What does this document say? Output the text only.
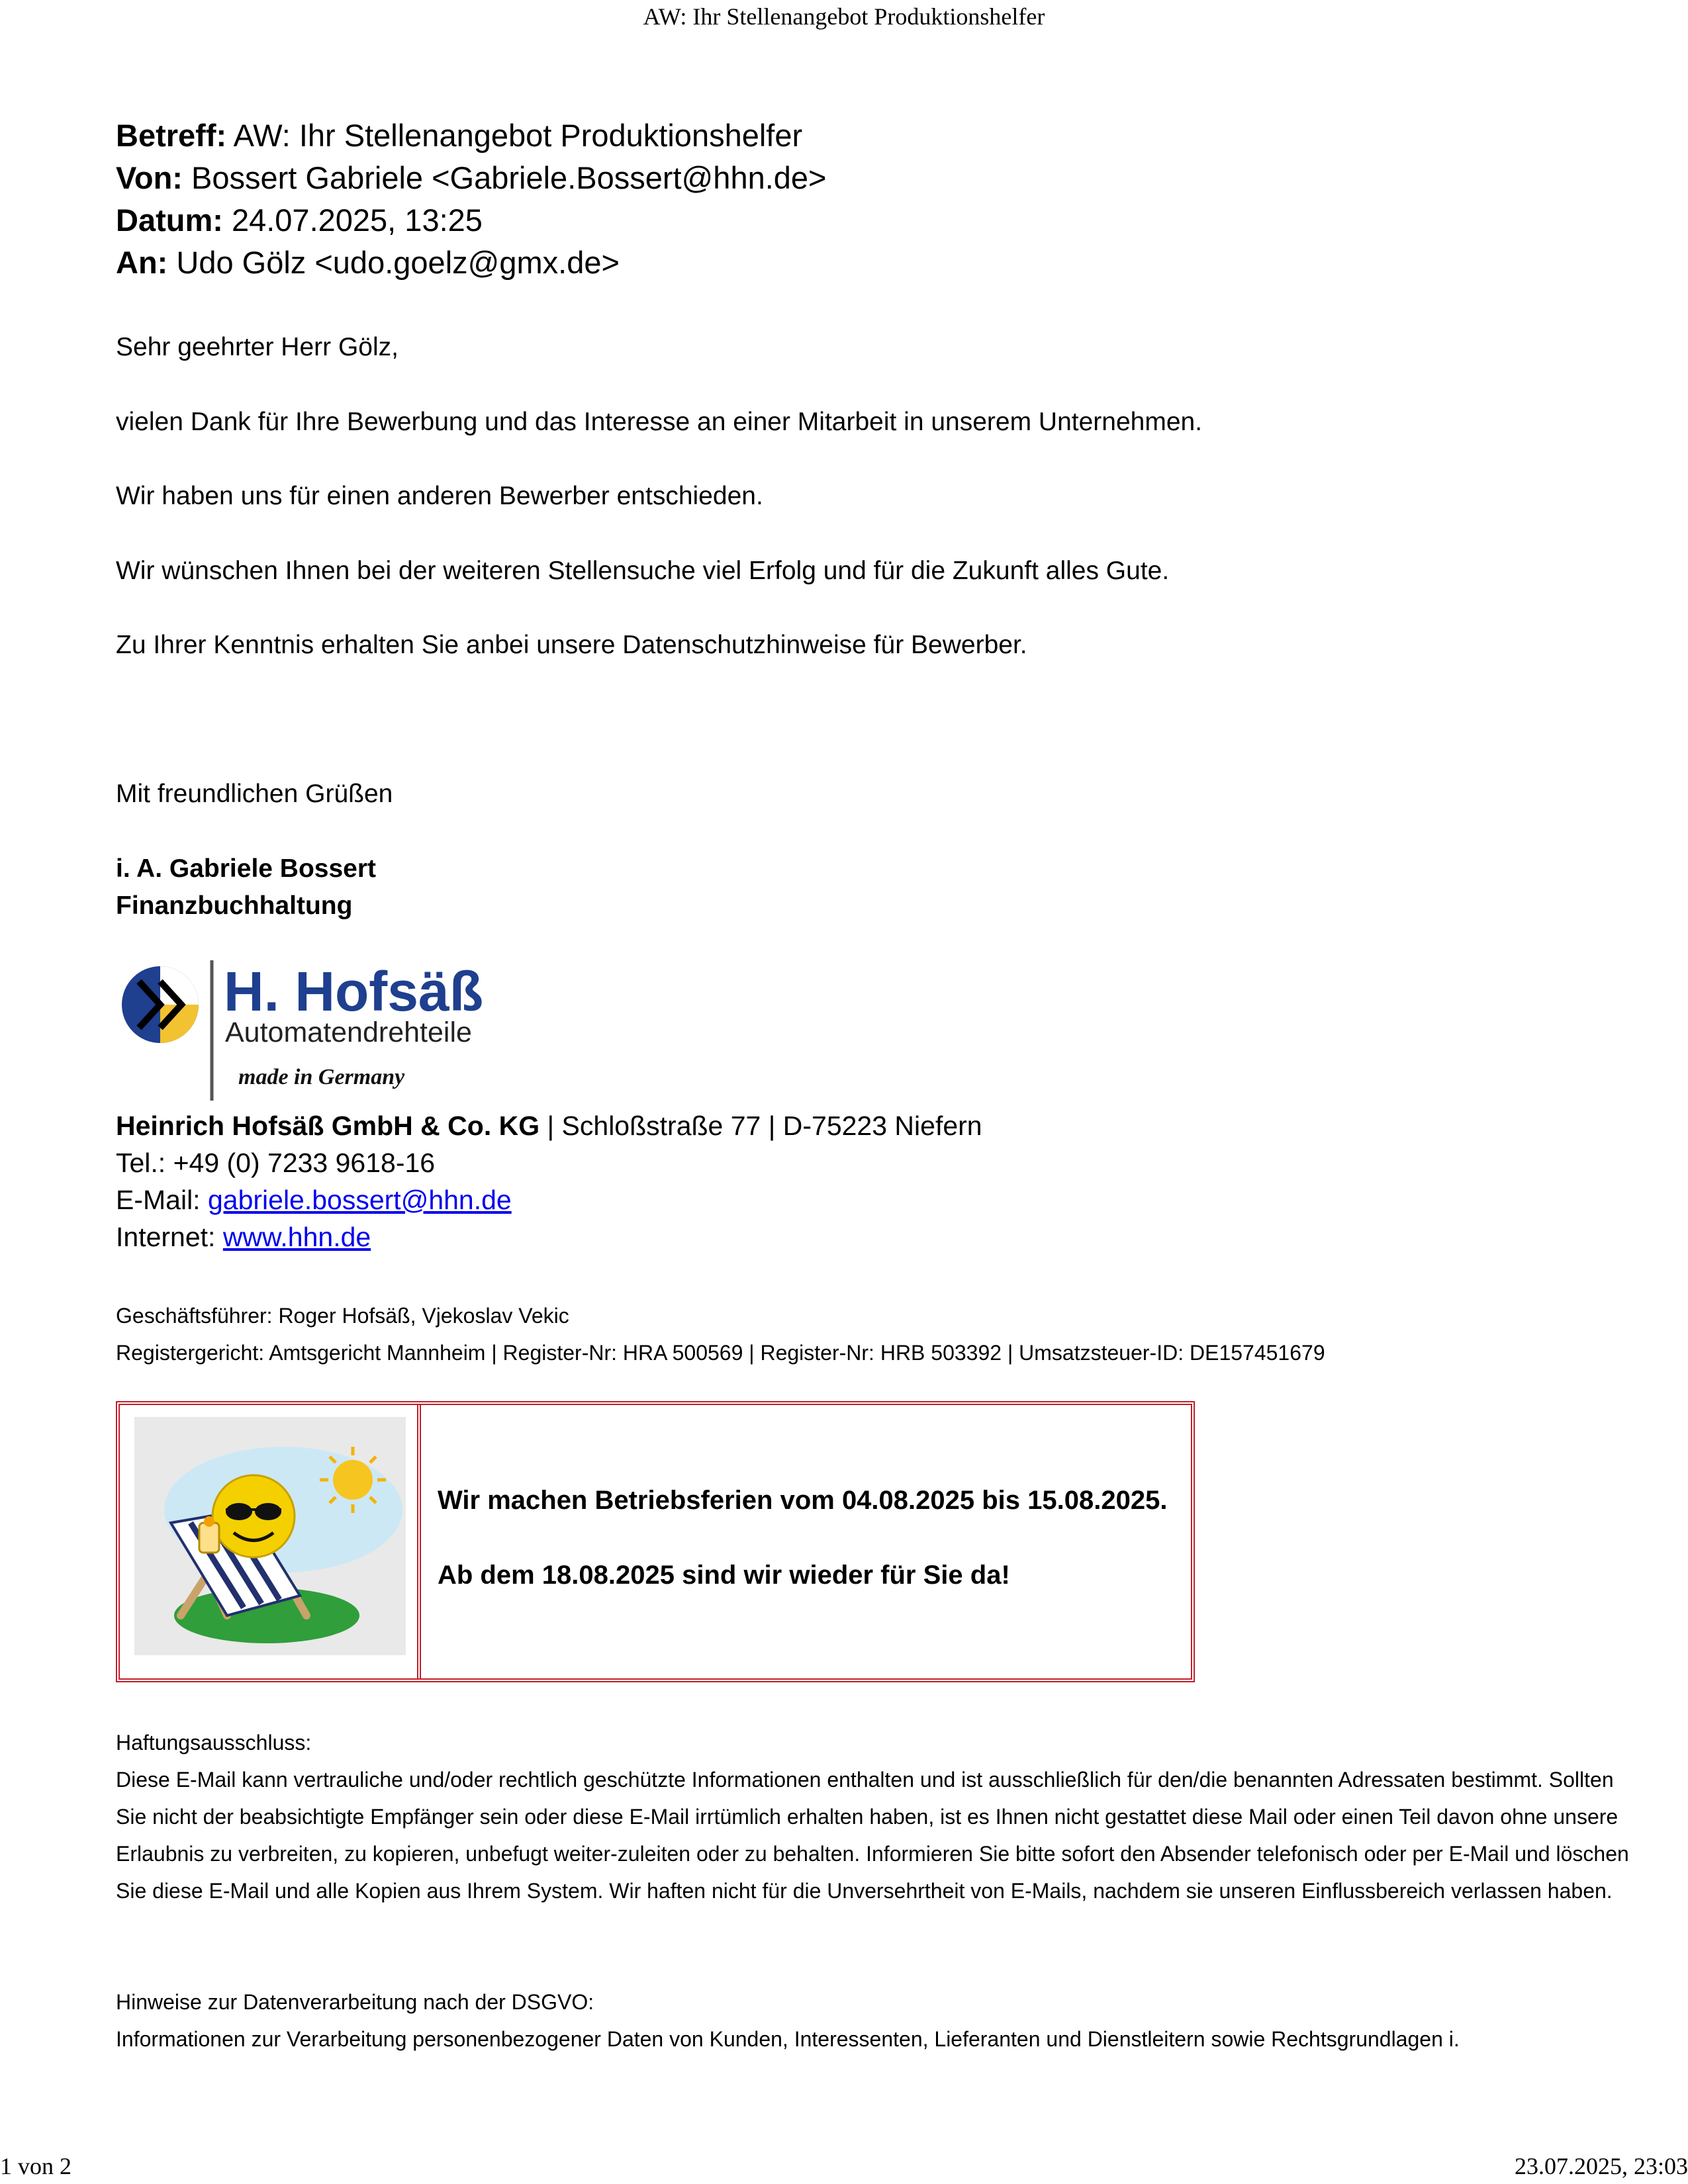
AW: Ihr Stellenangebot Produktionshelfer
Betreff: AW: Ihr Stellenangebot Produktionshelfer
Von: Bossert Gabriele <Gabriele.Bossert@hhn.de>
Datum: 24.07.2025, 13:25
An: Udo Gölz <udo.goelz@gmx.de>
Sehr geehrter Herr Gölz,
vielen Dank für Ihre Bewerbung und das Interesse an einer Mitarbeit in unserem Unternehmen.
Wir haben uns für einen anderen Bewerber entschieden.
Wir wünschen Ihnen bei der weiteren Stellensuche viel Erfolg und für die Zukunft alles Gute.
Zu Ihrer Kenntnis erhalten Sie anbei unsere Datenschutzhinweise für Bewerber.
Mit freundlichen Grüßen
i. A. Gabriele Bossert
Finanzbuchhaltung
H. Hofsäß
Automatendrehteile
made in Germany
Heinrich Hofsäß GmbH & Co. KG | Schloßstraße 77 | D-75223 Niefern
Tel.: +49 (0) 7233 9618-16
E-Mail: gabriele.bossert@hhn.de
Internet: www.hhn.de
Geschäftsführer: Roger Hofsäß, Vjekoslav Vekic
Registergericht: Amtsgericht Mannheim | Register-Nr: HRA 500569 | Register-Nr: HRB 503392 | Umsatzsteuer-ID: DE157451679
Wir machen Betriebsferien vom 04.08.2025 bis 15.08.2025.
Ab dem 18.08.2025 sind wir wieder für Sie da!
Haftungsausschluss:
Diese E-Mail kann vertrauliche und/oder rechtlich geschützte Informationen enthalten und ist ausschließlich für den/die benannten Adressaten bestimmt. Sollten Sie nicht der beabsichtigte Empfänger sein oder diese E-Mail irrtümlich erhalten haben, ist es Ihnen nicht gestattet diese Mail oder einen Teil davon ohne unsere Erlaubnis zu verbreiten, zu kopieren, unbefugt weiter-zuleiten oder zu behalten. Informieren Sie bitte sofort den Absender telefonisch oder per E-Mail und löschen Sie diese E-Mail und alle Kopien aus Ihrem System. Wir haften nicht für die Unversehrtheit von E-Mails, nachdem sie unseren Einflussbereich verlassen haben.
Hinweise zur Datenverarbeitung nach der DSGVO:
Informationen zur Verarbeitung personenbezogener Daten von Kunden, Interessenten, Lieferanten und Dienstleitern sowie Rechtsgrundlagen i.
1 von 2	23.07.2025, 23:03
